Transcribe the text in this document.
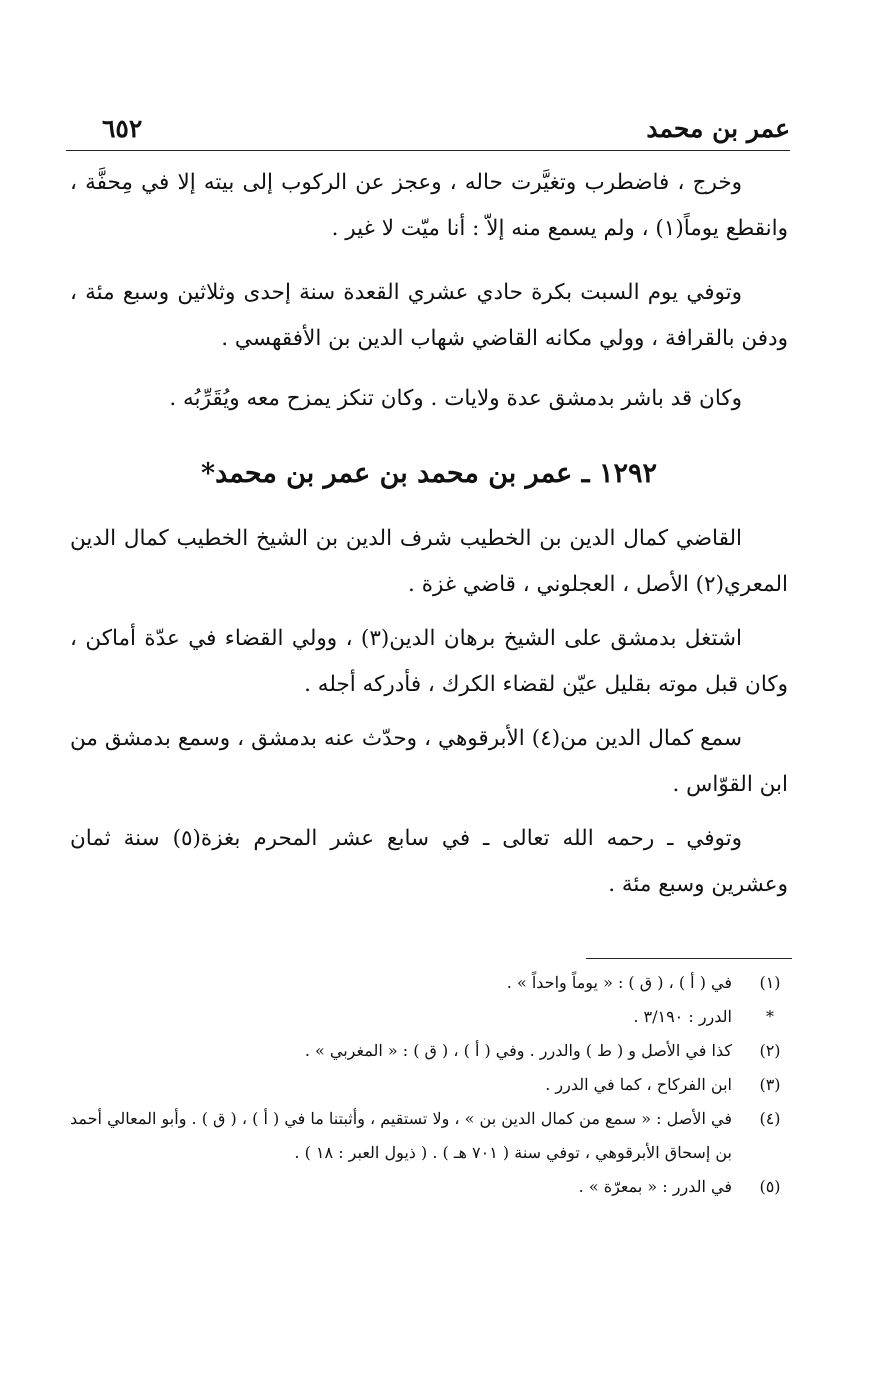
عمر بن محمد
٦٥٢

وخرج ، فاضطرب وتغيَّرت حاله ، وعجز عن الركوب إلى بيته إلا في مِحفَّة ، وانقطع يوماً(١) ، ولم يسمع منه إلاّ : أنا ميّت لا غير .

وتوفي يوم السبت بكرة حادي عشري القعدة سنة إحدى وثلاثين وسبع مئة ، ودفن بالقرافة ، وولي مكانه القاضي شهاب الدين بن الأفقهسي .

وكان قد باشر بدمشق عدة ولايات . وكان تنكز يمزح معه ويُقَرِّبُه .

١٢٩٢ ـ عمر بن محمد بن عمر بن محمد*

القاضي كمال الدين بن الخطيب شرف الدين بن الشيخ الخطيب كمال الدين المعري(٢) الأصل ، العجلوني ، قاضي غزة .

اشتغل بدمشق على الشيخ برهان الدين(٣) ، وولي القضاء في عدّة أماكن ، وكان قبل موته بقليل عيّن لقضاء الكرك ، فأدركه أجله .

سمع كمال الدين من(٤) الأبرقوهي ، وحدّث عنه بدمشق ، وسمع بدمشق من ابن القوّاس .

وتوفي ـ رحمه الله تعالى ـ في سابع عشر المحرم بغزة(٥) سنة ثمان وعشرين وسبع مئة .

(١)
في ( أ ) ، ( ق ) : « يوماً واحداً » .
*
الدرر : ٣/١٩٠ .
(٢)
كذا في الأصل و ( ط ) والدرر . وفي ( أ ) ، ( ق ) : « المغربي » .
(٣)
ابن الفركاح ، كما في الدرر .
(٤)
في الأصل : « سمع من كمال الدين بن » ، ولا تستقيم ، وأثبتنا ما في ( أ ) ، ( ق ) . وأبو المعالي أحمد بن إسحاق الأبرقوهي ، توفي سنة ( ٧٠١ هـ ) . ( ذيول العبر : ١٨ ) .
(٥)
في الدرر : « بمعرّة » .
